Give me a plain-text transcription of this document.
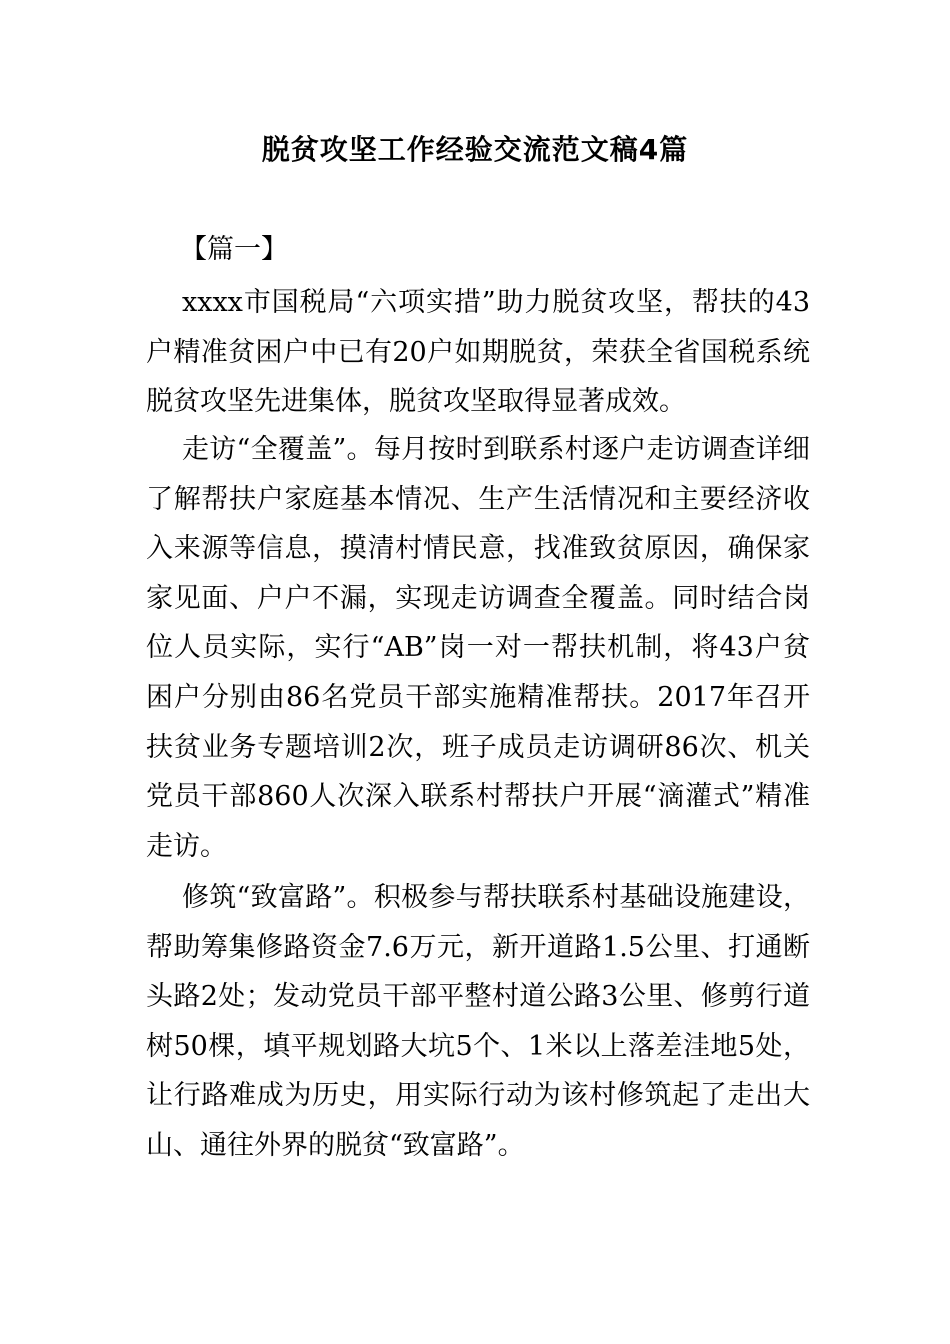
脱贫攻坚工作经验交流范文稿4篇

【篇一】

xxxx市国税局“六项实措”助力脱贫攻坚，帮扶的43户精准贫困户中已有20户如期脱贫，荣获全省国税系统脱贫攻坚先进集体，脱贫攻坚取得显著成效。

走访“全覆盖”。每月按时到联系村逐户走访调查详细了解帮扶户家庭基本情况、生产生活情况和主要经济收入来源等信息，摸清村情民意，找准致贫原因，确保家家见面、户户不漏，实现走访调查全覆盖。同时结合岗位人员实际，实行“AB”岗一对一帮扶机制，将43户贫困户分别由86名党员干部实施精准帮扶。2017年召开扶贫业务专题培训2次，班子成员走访调研86次、机关党员干部860人次深入联系村帮扶户开展“滴灌式”精准走访。

修筑“致富路”。积极参与帮扶联系村基础设施建设，帮助筹集修路资金7.6万元，新开道路1.5公里、打通断头路2处；发动党员干部平整村道公路3公里、修剪行道树50棵，填平规划路大坑5个、1米以上落差洼地5处，让行路难成为历史，用实际行动为该村修筑起了走出大山、通往外界的脱贫“致富路”。
